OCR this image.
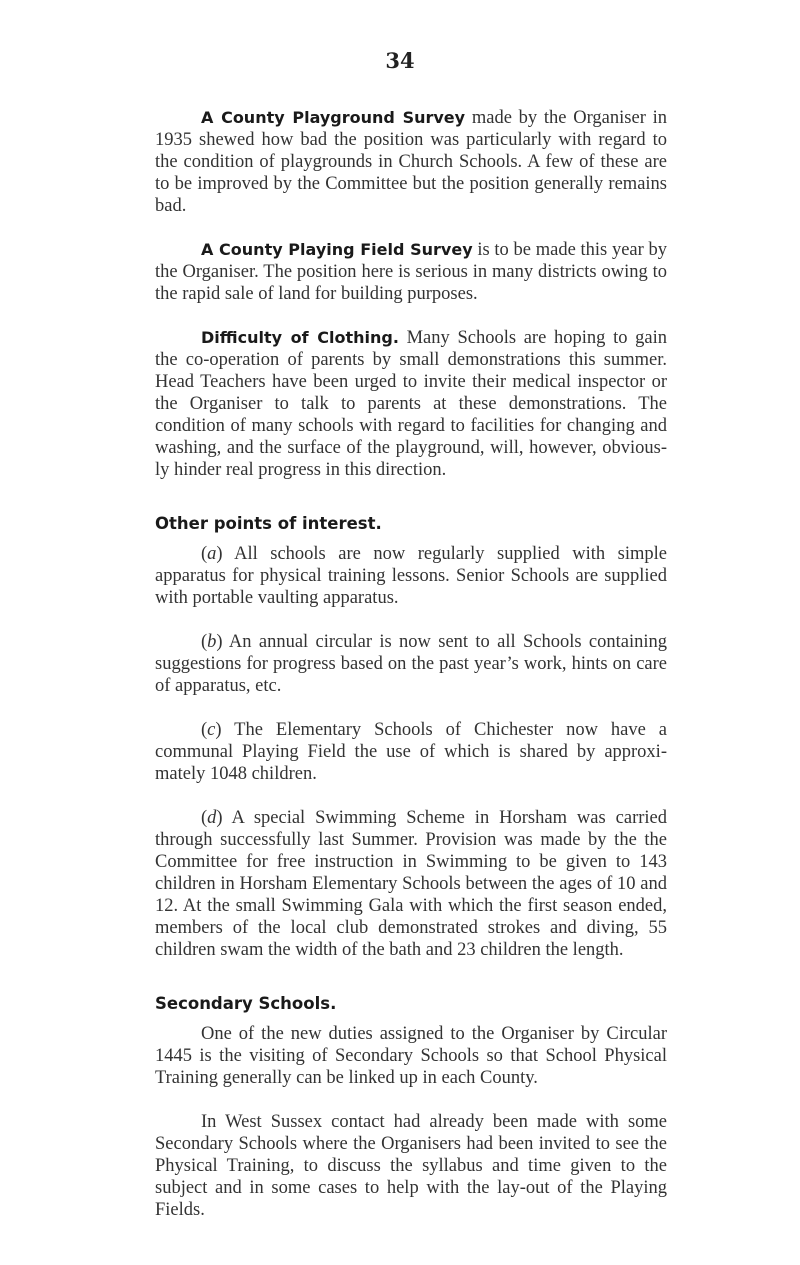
34

A County Playground Survey made by the Organiser in 1935 shewed how bad the position was particularly with regard to the condition of playgrounds in Church Schools. A few of these are to be improved by the Committee but the position generally remains bad.

A County Playing Field Survey is to be made this year by the Organiser. The position here is serious in many districts owing to the rapid sale of land for building purposes.

Difficulty of Clothing. Many Schools are hoping to gain the co-operation of parents by small demonstrations this summer. Head Teachers have been urged to invite their medical inspector or the Organiser to talk to parents at these demonstrations. The condition of many schools with regard to facilities for changing and washing, and the surface of the playground, will, however, obvious-ly hinder real progress in this direction.

Other points of interest.

(a) All schools are now regularly supplied with simple apparatus for physical training lessons. Senior Schools are supplied with portable vaulting apparatus.

(b) An annual circular is now sent to all Schools containing suggestions for progress based on the past year’s work, hints on care of apparatus, etc.

(c) The Elementary Schools of Chichester now have a communal Playing Field the use of which is shared by approxi-mately 1048 children.

(d) A special Swimming Scheme in Horsham was carried through successfully last Summer. Provision was made by the the Committee for free instruction in Swimming to be given to 143 children in Horsham Elementary Schools between the ages of 10 and 12. At the small Swimming Gala with which the first season ended, members of the local club demonstrated strokes and diving, 55 children swam the width of the bath and 23 children the length.

Secondary Schools.

One of the new duties assigned to the Organiser by Circular 1445 is the visiting of Secondary Schools so that School Physical Training generally can be linked up in each County.

In West Sussex contact had already been made with some Secondary Schools where the Organisers had been invited to see the Physical Training, to discuss the syllabus and time given to the subject and in some cases to help with the lay-out of the Playing Fields.
